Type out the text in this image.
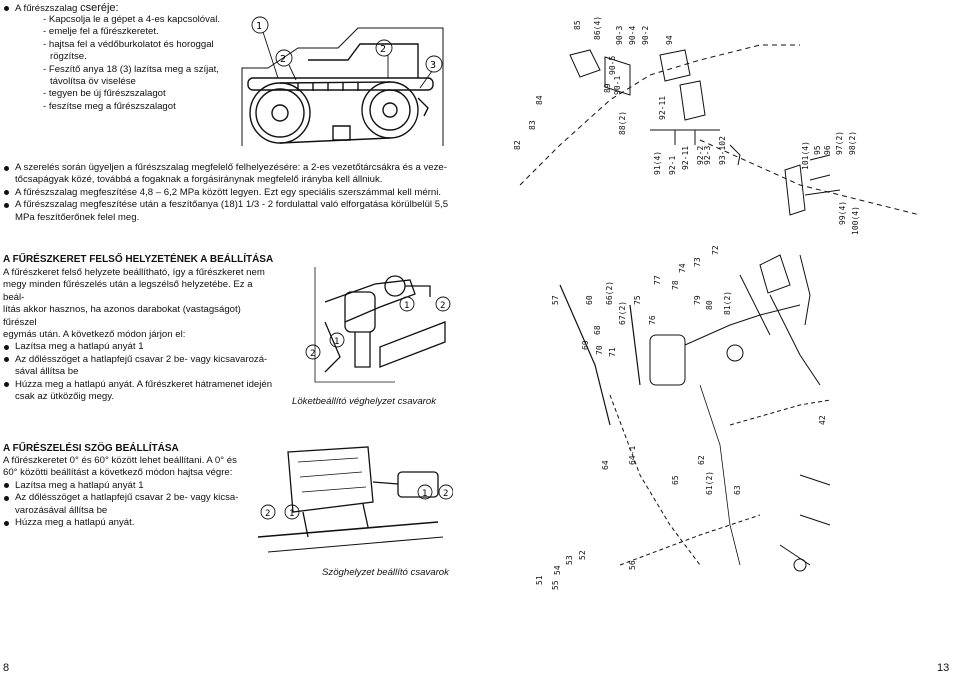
A fűrészszalag cseréje:
- Kapcsolja le a gépet a 4-es kapcsolóval.
- emelje fel a fűrészkeretet.
- hajtsa fel a védőburkolatot és horoggal
rögzítse.
- Feszítő anya 18 (3) lazítsa meg a szíjat,
távolítsa öv viselése
- tegyen be új fűrészszalagot
- feszítse meg a fűrészszalagot
1
2
2
3
A szerelés során ügyeljen a fűrészszalag megfelelő felhelyezésére: a 2-es vezetőtárcsákra és a veze-
tőcsapágyak közé, továbbá a fogaknak a forgásiránynak megfelelő irányba kell állniuk.
A fűrészszalag megfeszítése 4,8 – 6,2 MPa között legyen. Ezt egy speciális szerszámmal kell mérni.
A fűrészszalag megfeszítése után a feszítőanya (18)1 1/3 - 2 fordulattal való elforgatása körülbelül 5,5
MPa feszítőerőnek felel meg.
A FŰRÉSZKERET FELSŐ HELYZETÉNEK A BEÁLLÍTÁSA
A fűrészkeret felső helyzete beállítható, így a fűrészkeret nem
megy minden fűrészelés után a legszélső helyzetébe. Ez a beál-
lítás akkor hasznos, ha azonos darabokat (vastagságot) fűrészel
egymás után. A következő módon járjon el:
Lazítsa meg a hatlapú anyát 1
Az dőlésszöget a hatlapfejű csavar 2 be- vagy kicsavarozá-
sával állítsa be
Húzza meg a hatlapú anyát. A fűrészkeret hátramenet idején
csak az ütközőig megy.
1	2
2
1
Löketbeállító véghelyzet csavarok
A FŰRÉSZELÉSI SZÖG BEÁLLÍTÁSA
A fűrészkeretet 0° és 60° között lehet beállítani. A 0° és
60° közötti beállítást a következő módon hajtsa végre:
Lazítsa meg a hatlapú anyát 1
Az dőlésszöget a hatlapfejű csavar 2 be- vagy kicsa-
varozásával állítsa be
Húzza meg a hatlapú anyát.
2 1
1 2
Szöghelyzet beállító csavarok
8
85 86(4) 90-3 90-4 90-2 94
90-5
90-1
89
84
83
82
88(2)
92-11
91(4) 92-1 92-11 92-2
92-3 93-102	101(4) 95 96 97(2) 98(2)
99(4) 100(4)
72
73
74
78
77
76
75	79
80 81(2)
57	60 66(2)
67(2)
68
69
70 71
64
64-1
65
62
61(2) 63
42
51
55
54
53
52
56
13
